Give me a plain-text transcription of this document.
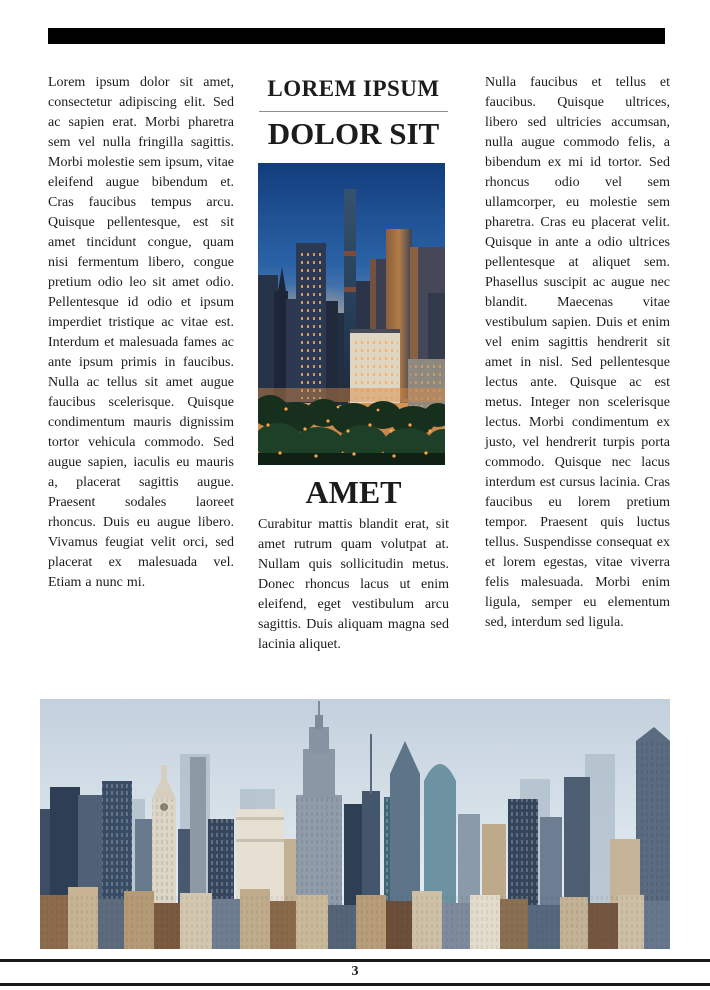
Lorem ipsum dolor sit amet, consectetur adipiscing elit. Sed ac sapien erat. Morbi pharetra sem vel nulla fringilla sagittis. Morbi molestie sem ipsum, vitae eleifend augue bibendum et. Cras faucibus tempus arcu. Quisque pellentesque, est sit amet tincidunt congue, quam nisi fermentum libero, congue pretium odio leo sit amet odio. Pellentesque id odio et ipsum imperdiet tristique ac vitae est. Interdum et malesuada fames ac ante ipsum primis in faucibus. Nulla ac tellus sit amet augue faucibus scelerisque. Quisque condimentum mauris dignissim tortor vehicula commodo. Sed augue sapien, iaculis eu mauris a, placerat sagittis augue. Praesent sodales laoreet rhoncus. Duis eu augue libero. Vivamus feugiat velit orci, sed placerat ex malesuada vel. Etiam a nunc mi.

LOREM IPSUM
DOLOR SIT
AMET

Curabitur mattis blandit erat, sit amet rutrum quam volutpat at. Nullam quis sollicitudin metus. Donec rhoncus lacus ut enim eleifend, eget vestibulum arcu sagittis. Duis aliquam magna sed lacinia aliquet.

Nulla faucibus et tellus et faucibus. Quisque ultrices, libero sed ultricies accumsan, nulla augue commodo felis, a bibendum ex mi id tortor. Sed rhoncus odio vel sem ullamcorper, eu molestie sem pharetra. Cras eu placerat velit. Quisque in ante a odio ultrices pellentesque at aliquet sem. Phasellus suscipit ac augue nec blandit. Maecenas vitae vestibulum sapien. Duis et enim vel enim sagittis hendrerit sit amet in nisl. Sed pellentesque lectus ante. Quisque ac est metus. Integer non scelerisque lectus. Morbi condimentum ex justo, vel hendrerit turpis porta commodo. Quisque nec lacus interdum est cursus lacinia. Cras faucibus eu lorem pretium tempor. Praesent quis luctus tellus. Suspendisse consequat ex et lorem egestas, vitae viverra felis malesuada. Morbi enim ligula, semper eu elementum sed, interdum sed ligula.

3
